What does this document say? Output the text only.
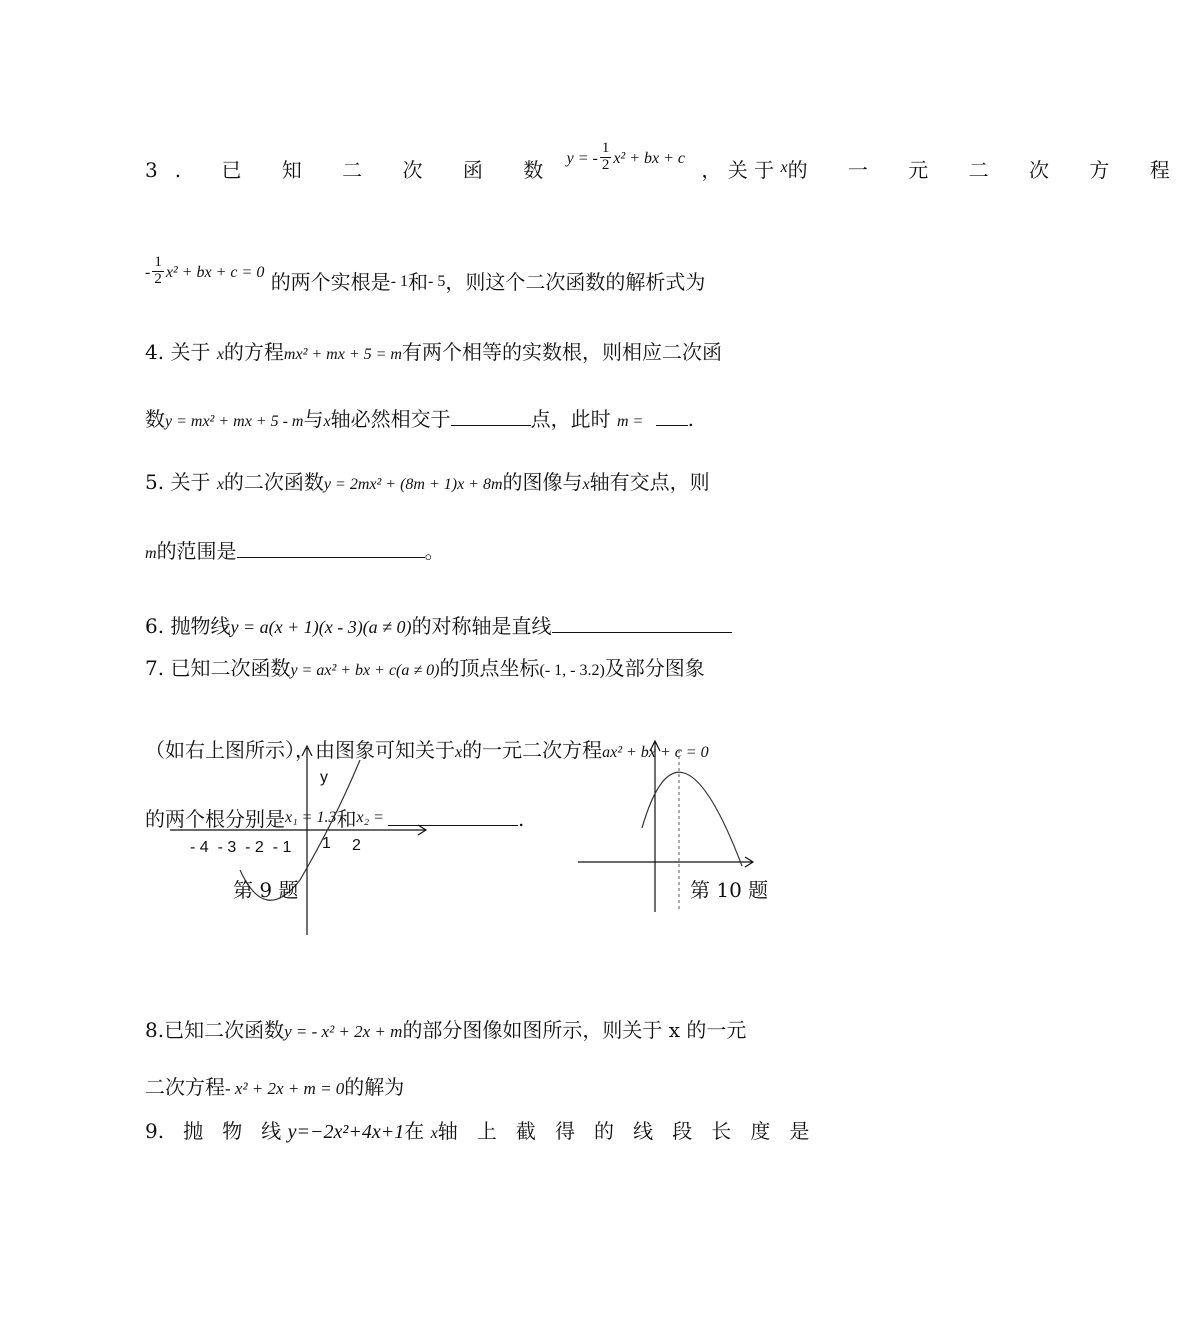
3. 已 知 二 次 函 数 y = - $\frac{1}{2} x^2$ + bx + c ， 关 于 $^x$的 一 元 二 次 方 程
- $\frac{1}{2} x^2$ + bx + c = 0 的两个实根是- 1和- 5，则这个二次函数的解析式为
4. 关于 x的方程mx² + mx + 5 = m有两个相等的实数根，则相应二次函
数y = mx² + mx + 5 - m与x轴必然相交于	点，此时 m = .
5. 关于 x的二次函数y = 2mx² + (8m + 1)x + 8m的图像与x轴有交点，则
m的范围是	。
6. 抛物线y = a(x + 1)(x - 3)(a ≠ 0)的对称轴是直线
7. 已知二次函数y = ax² + bx + c(a ≠ 0)的顶点坐标(- 1, - 3.2)及部分图象
（如右上图所示），由图象可知关于x的一元二次方程ax² + bx + c = 0
的两个根分别是$^{x_1 = 1.3}$和$^{x_2 =}$	.
y
- 4  - 3  - 2  - 1 1 2
第 9 题	第 10 题
8.已知二次函数y = - x² + 2x + m的部分图像如图所示，则关于 x 的一元
二次方程- x² + 2x + m = 0的解为
9.   抛   物   线 y=−2x²+4x+1在 x轴   上   截   得   的   线   段   长   度   是
